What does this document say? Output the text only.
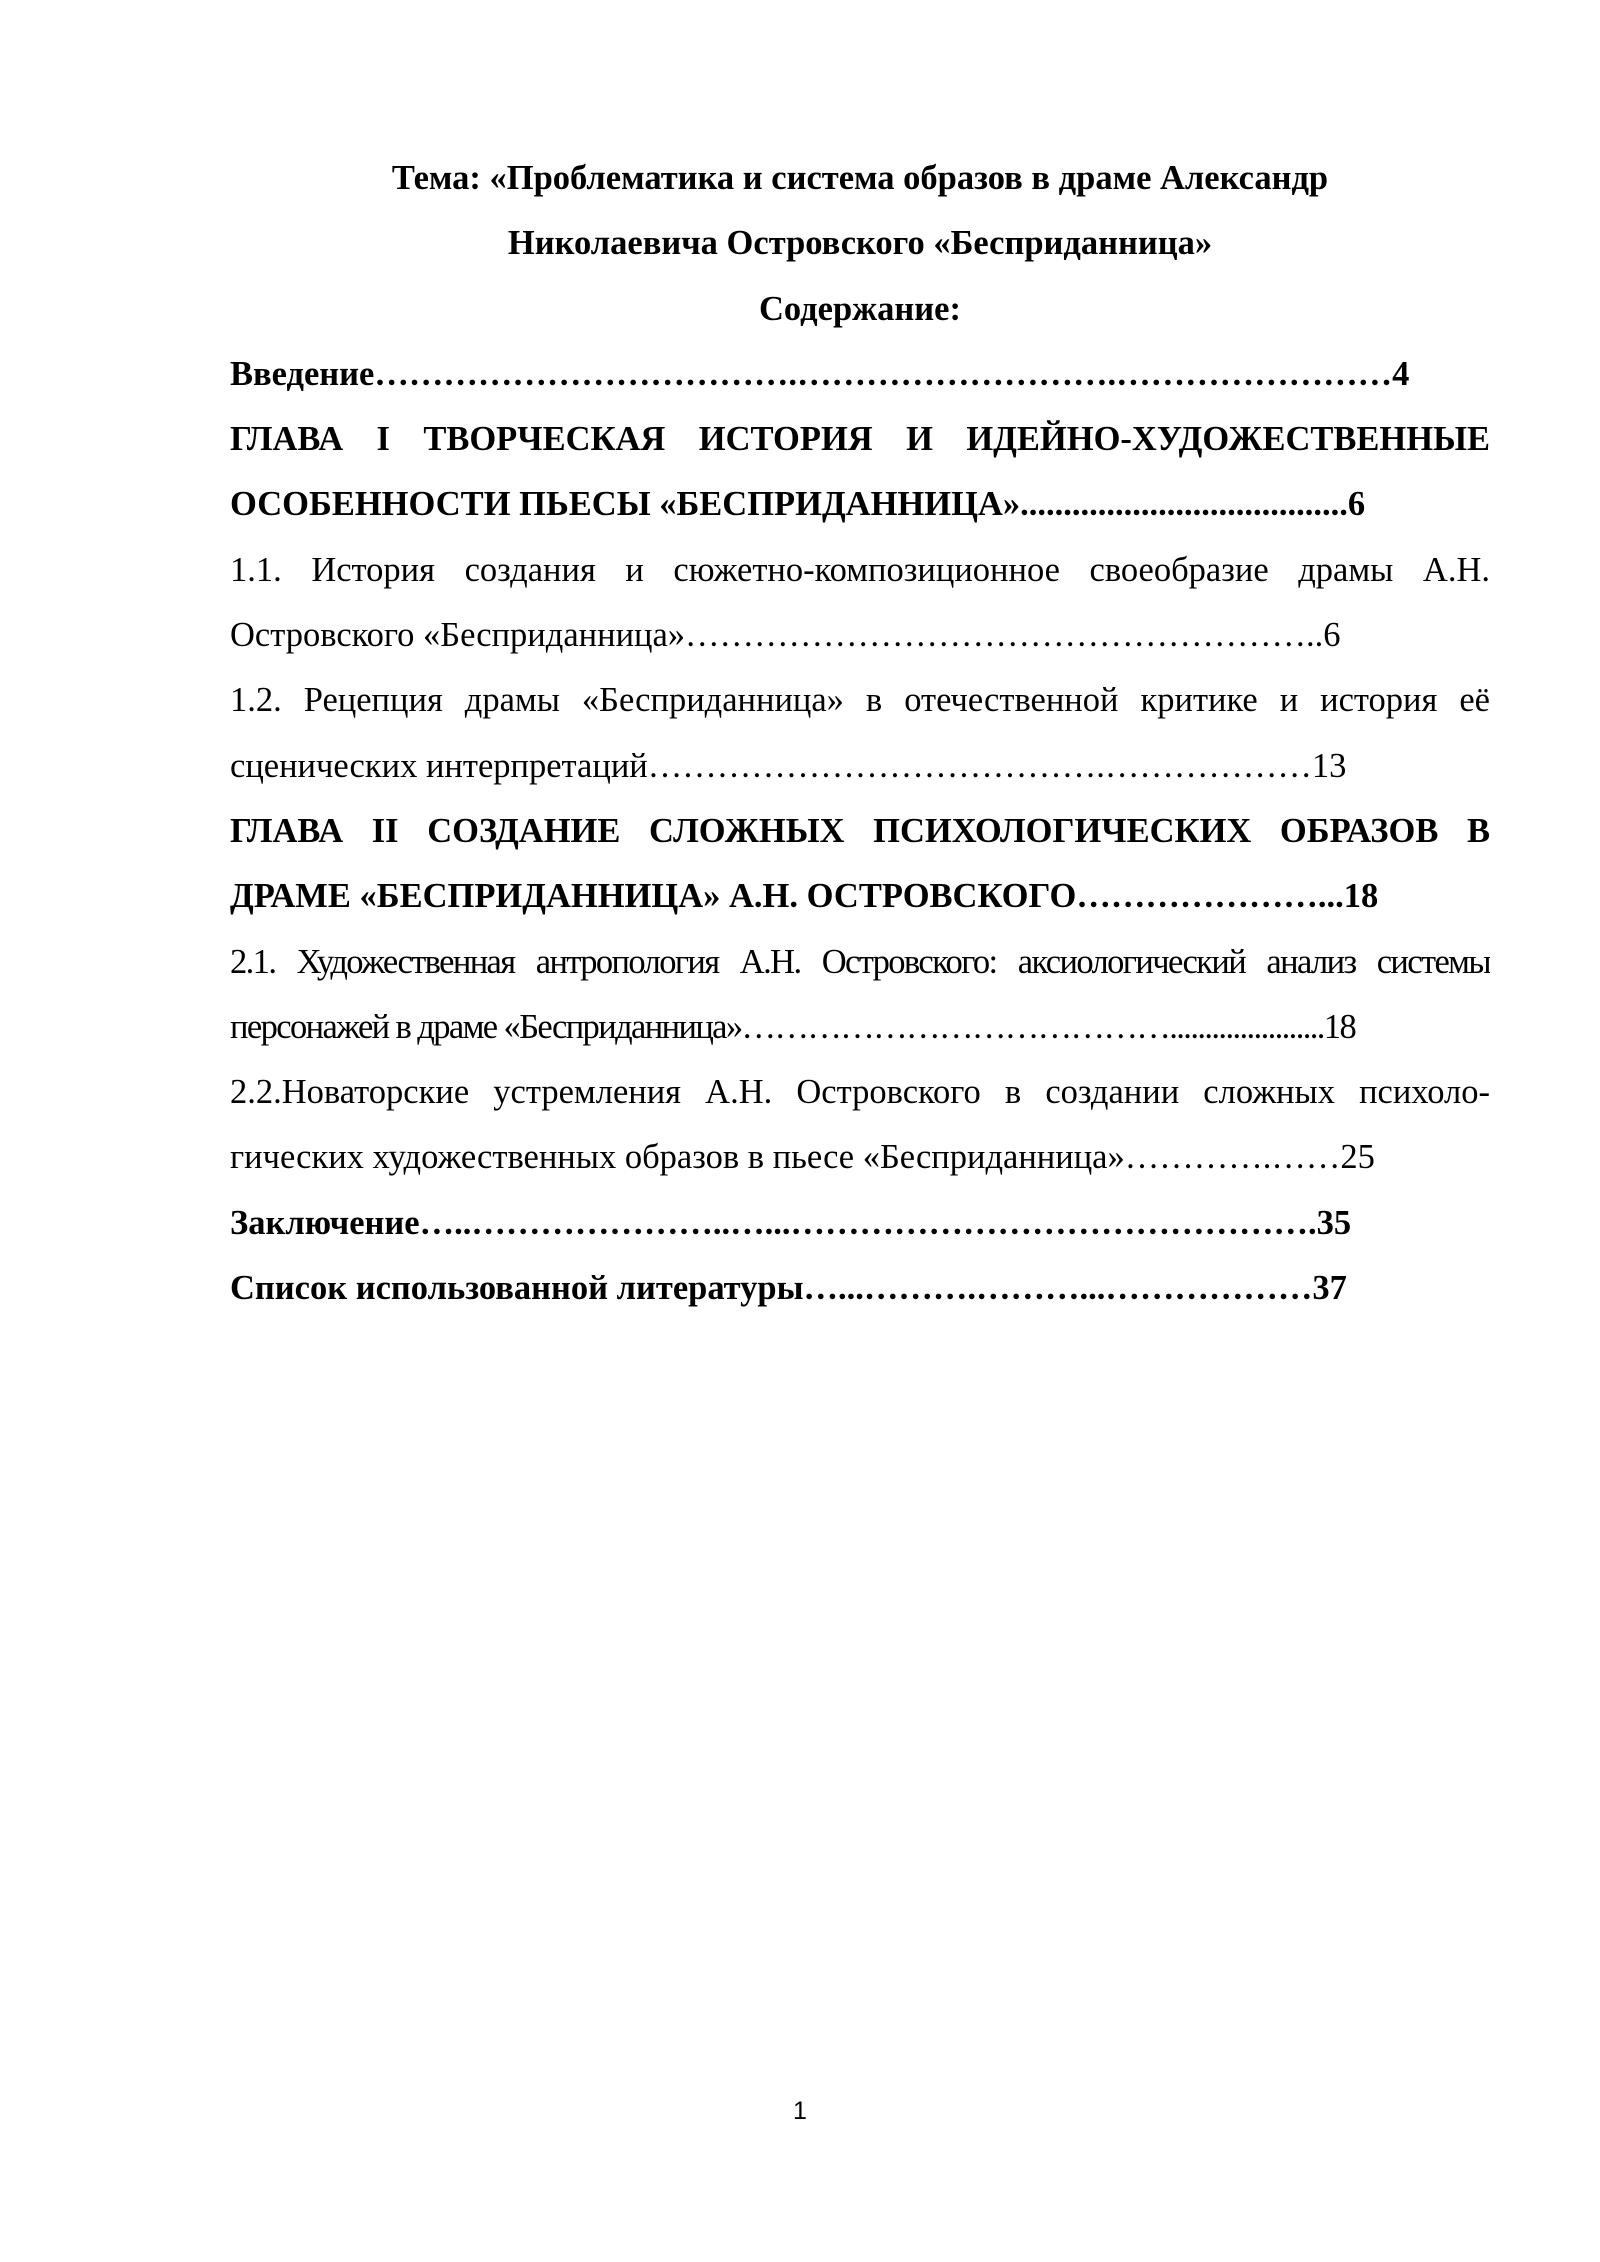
Тема: «Проблематика и система образов в драме Александр
Николаевича Островского «Бесприданница»
Содержание:
Введение……………………………….……………………….……………………4
ГЛАВА I ТВОРЧЕСКАЯ ИСТОРИЯ И ИДЕЙНО-ХУДОЖЕСТВЕННЫЕ
ОСОБЕННОСТИ ПЬЕСЫ «БЕСПРИДАННИЦА»......................................6
1.1. История создания и сюжетно-композиционное своеобразие драмы А.Н.
Островского «Бесприданница»………………………………………………..6
1.2. Рецепция драмы «Бесприданница» в отечественной критике и история её
сценических интерпретаций………………………………….………………13
ГЛАВА II СОЗДАНИЕ СЛОЖНЫХ ПСИХОЛОГИЧЕСКИХ ОБРАЗОВ В
ДРАМЕ «БЕСПРИДАННИЦА» А.Н. ОСТРОВСКОГО…………………...18
2.1. Художественная антропология А.Н. Островского: аксиологический анализ системы
персонажей в драме «Бесприданница»…………………………………......................18
2.2.Новаторские устремления А.Н. Островского в создании сложных психоло-
гических художественных образов в пьесе «Бесприданница»………….……25
Заключение…..…………………..…...……………………………………….35
Список использованной литературы…...……….………...………………37
1
